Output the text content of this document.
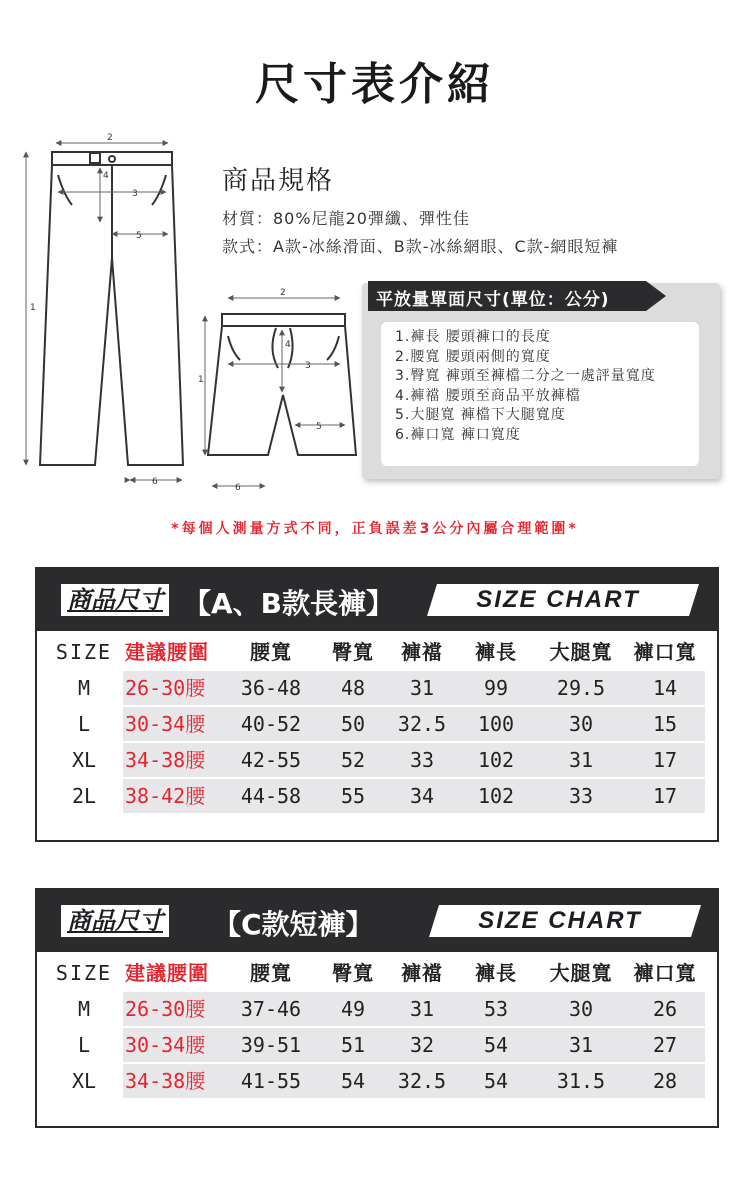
尺寸表介紹
2
4
3
5
1
6
2
4
3
1
5
6
商品規格
材質：80%尼龍20彈纖、彈性佳
款式：A款-冰絲滑面、B款-冰絲網眼、C款-網眼短褲
平放量單面尺寸(單位：公分)
1.褲長 腰頭褲口的長度
2.腰寬 腰頭兩側的寬度
3.臀寬 褲頭至褲檔二分之一處評量寬度
4.褲襠 腰頭至商品平放褲檔
5.大腿寬 褲檔下大腿寬度
6.褲口寬 褲口寬度
*每個人測量方式不同，正負誤差3公分內屬合理範圍*
商品尺寸 【A、B款長褲】	SIZE CHART
SIZE 建議腰圍	腰寬	臀寬	褲襠	褲長	大腿寬	褲口寬
M	26-30腰	36-48	48	31	99	29.5	14
L	30-34腰	40-52	50	32.5	100	30	15
XL	34-38腰	42-55	52	33	102	31	17
2L	38-42腰	44-58	55	34	102	33	17
商品尺寸 【C款短褲】	SIZE CHART
SIZE 建議腰圍	腰寬	臀寬	褲襠	褲長	大腿寬	褲口寬
M	26-30腰	37-46	49	31	53	30	26
L	30-34腰	39-51	51	32	54	31	27
XL	34-38腰	41-55	54	32.5	54	31.5	28
